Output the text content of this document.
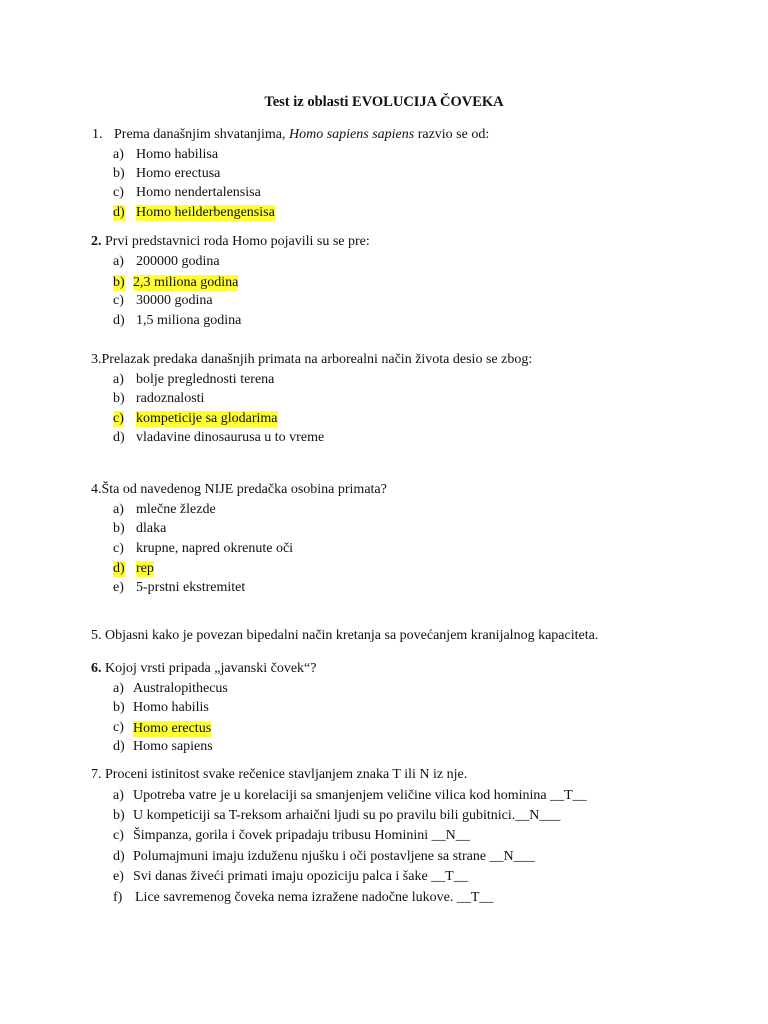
Test iz oblasti EVOLUCIJA ČOVEKA
1. Prema današnjim shvatanjima, Homo sapiens sapiens razvio se od:
a) Homo habilisa
b) Homo erectusa
c) Homo nendertalensisa
d) Homo heilderbengensisa
2. Prvi predstavnici roda Homo pojavili su se pre:
a) 200000 godina
b) 2,3 miliona godina
c) 30000 godina
d) 1,5 miliona godina
3.Prelazak predaka današnjih primata na arborealni način života desio se zbog:
a) bolje preglednosti terena
b) radoznalosti
c) kompeticije sa glodarima
d) vladavine dinosaurusa u to vreme
4.Šta od navedenog NIJE predačka osobina primata?
a) mlečne žlezde
b) dlaka
c) krupne, napred okrenute oči
d) rep
e) 5-prstni ekstremitet
5. Objasni kako je povezan bipedalni način kretanja sa povećanjem kranijalnog kapaciteta.
6. Kojoj vrsti pripada „javanski čovek“?
a) Australopithecus
b) Homo habilis
c) Homo erectus
d) Homo sapiens
7. Proceni istinitost svake rečenice stavljanjem znaka T ili N iz nje.
a) Upotreba vatre je u korelaciji sa smanjenjem veličine vilica kod hominina __T__
b) U kompeticiji sa T-reksom arhaični ljudi su po pravilu bili gubitnici.__N___
c) Šimpanza, gorila i čovek pripadaju tribusu Hominini __N__
d) Polumajmuni imaju izduženu njušku i oči postavljene sa strane __N___
e) Svi danas živeći primati imaju opoziciju palca i šake __T__
f) Lice savremenog čoveka nema izražene nadočne lukove. __T__
